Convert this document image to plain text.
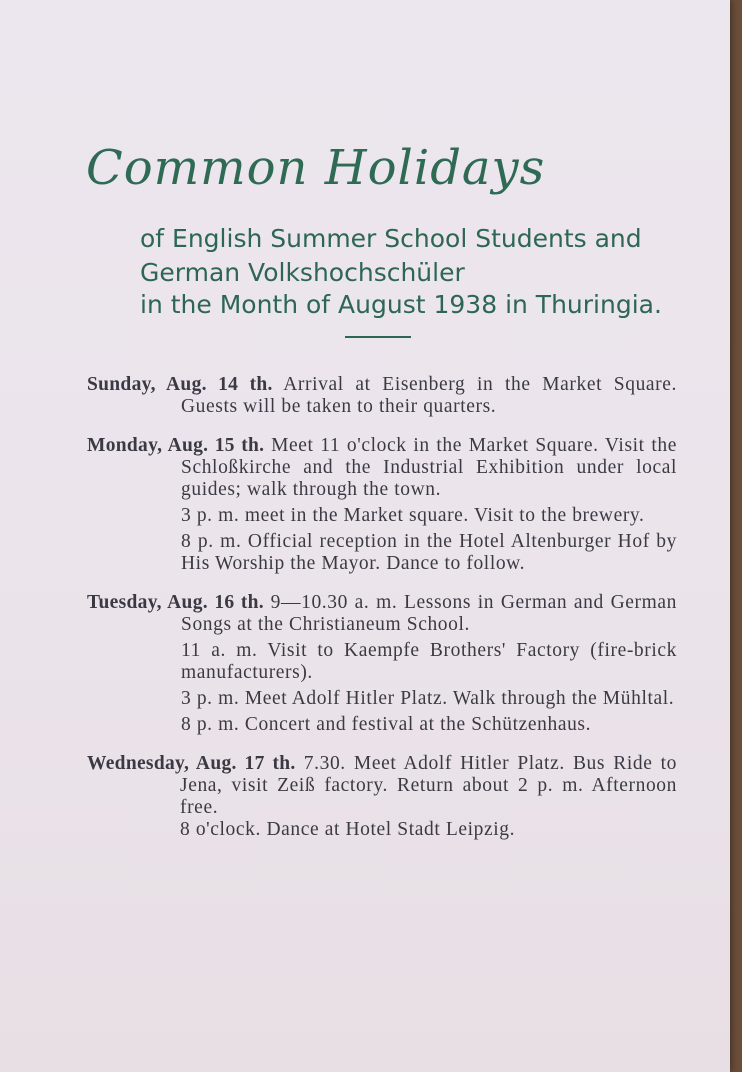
Common Holidays
of English Summer School Students and
German Volkshochschüler
in the Month of August 1938 in Thuringia.

Sunday, Aug. 14 th. Arrival at Eisenberg in the Market Square. Guests will be taken to their quarters.

Monday, Aug. 15 th. Meet 11 o'clock in the Market Square. Visit the Schloßkirche and the Industrial Exhibition under local guides; walk through the town.

3 p. m. meet in the Market square. Visit to the brewery.

8 p. m. Official reception in the Hotel Altenburger Hof by His Worship the Mayor. Dance to follow.

Tuesday, Aug. 16 th. 9—10.30 a. m. Lessons in German and German Songs at the Christianeum School.

11 a. m. Visit to Kaempfe Brothers' Factory (fire-brick manufacturers).

3 p. m. Meet Adolf Hitler Platz. Walk through the Mühltal.

8 p. m. Concert and festival at the Schützenhaus.

Wednesday, Aug. 17 th. 7.30. Meet Adolf Hitler Platz. Bus Ride to Jena, visit Zeiß factory. Return about 2 p. m. Afternoon free.

8 o'clock. Dance at Hotel Stadt Leipzig.
